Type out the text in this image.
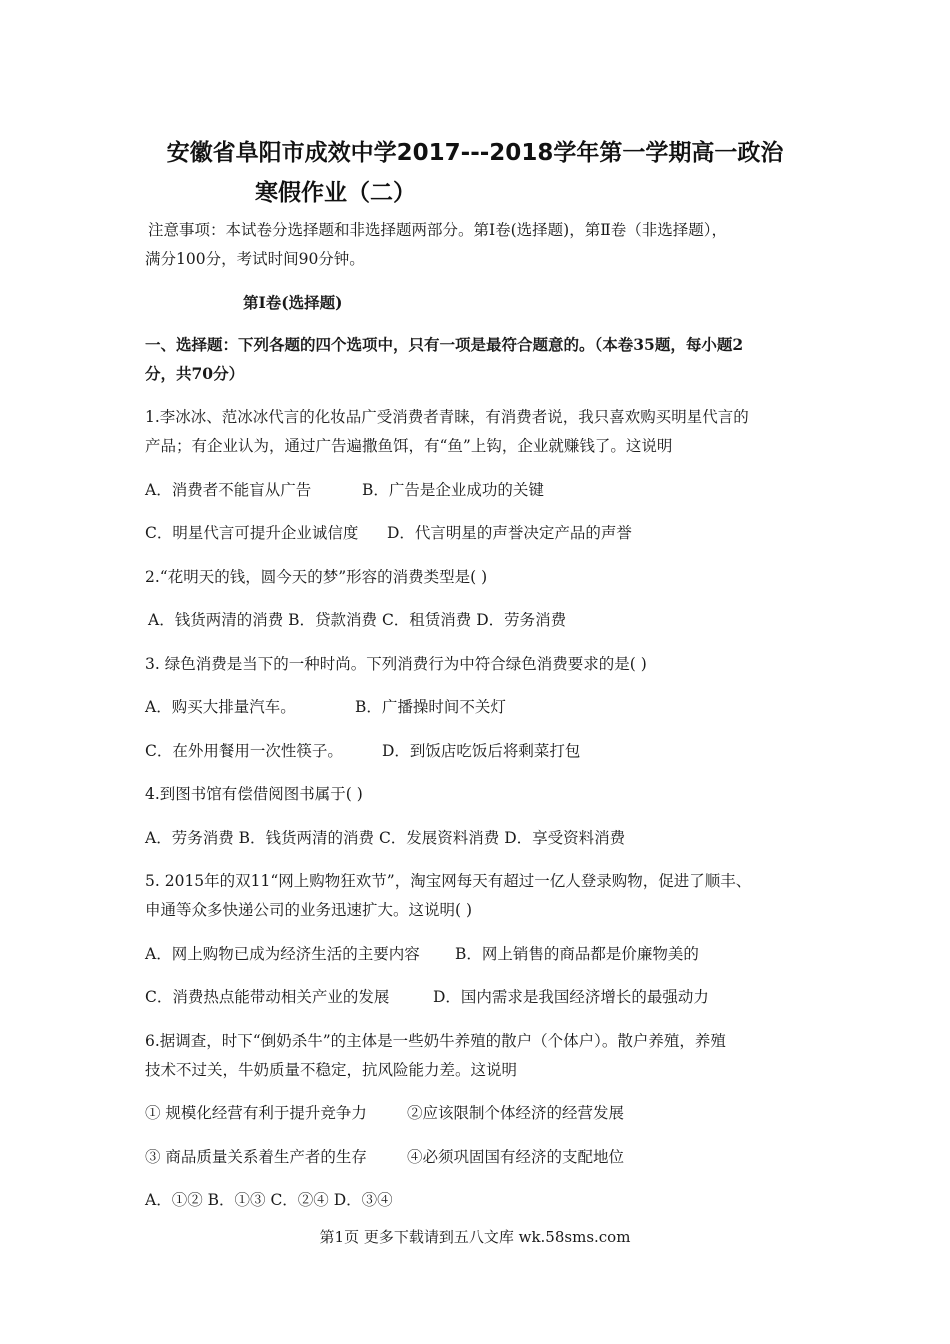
安徽省阜阳市成效中学2017---2018学年第一学期高一政治
寒假作业（二）
注意事项：本试卷分选择题和非选择题两部分。第Ⅰ卷(选择题)，第Ⅱ卷（非选择题），
满分100分，考试时间90分钟。
第Ⅰ卷(选择题)
一、选择题：下列各题的四个选项中，只有一项是最符合题意的。（本卷35题，每小题2
分，共70分）
1.李冰冰、范冰冰代言的化妆品广受消费者青睐，有消费者说，我只喜欢购买明星代言的
产品；有企业认为，通过广告遍撒鱼饵，有“鱼”上钩，企业就赚钱了。这说明
A．消费者不能盲从广告	B．广告是企业成功的关键
C．明星代言可提升企业诚信度 D．代言明星的声誉决定产品的声誉
2.“花明天的钱，圆今天的梦”形容的消费类型是( )
A．钱货两清的消费 B．贷款消费 C．租赁消费 D．劳务消费
3. 绿色消费是当下的一种时尚。下列消费行为中符合绿色消费要求的是( )
A．购买大排量汽车。	B．广播操时间不关灯
C．在外用餐用一次性筷子。	D．到饭店吃饭后将剩菜打包
4.到图书馆有偿借阅图书属于( )
A．劳务消费 B．钱货两清的消费 C．发展资料消费 D．享受资料消费
5. 2015年的双11“网上购物狂欢节”，淘宝网每天有超过一亿人登录购物，促进了顺丰、
申通等众多快递公司的业务迅速扩大。这说明( )
A．网上购物已成为经济生活的主要内容 B．网上销售的商品都是价廉物美的
C．消费热点能带动相关产业的发展	D．国内需求是我国经济增长的最强动力
6.据调查，时下“倒奶杀牛”的主体是一些奶牛养殖的散户（个体户）。散户养殖，养殖
技术不过关，牛奶质量不稳定，抗风险能力差。这说明
① 规模化经营有利于提升竞争力	②应该限制个体经济的经营发展
③ 商品质量关系着生产者的生存	④必须巩固国有经济的支配地位
A．①② B．①③ C．②④ D．③④
第1页 更多下载请到五八文库 wk.58sms.com
